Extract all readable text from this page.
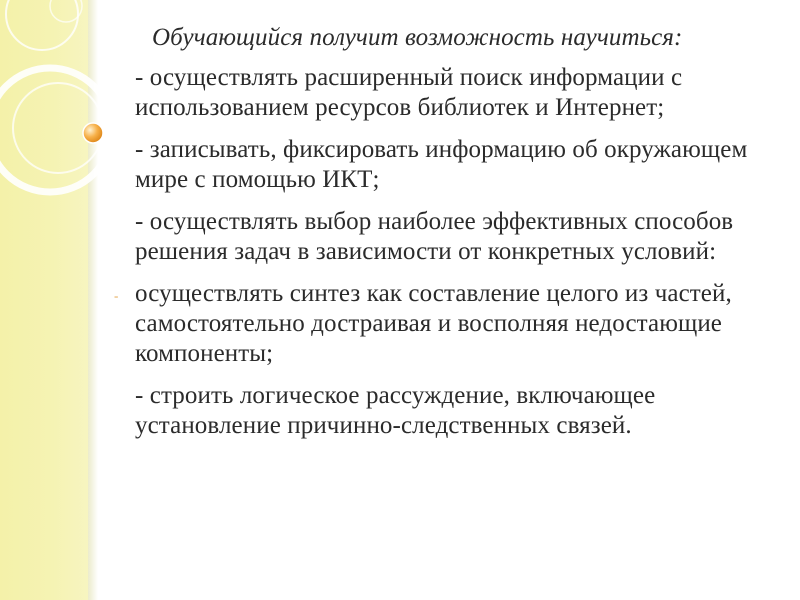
Обучающийся получит возможность научиться:

- осуществлять расширенный поиск информации с использованием ресурсов библиотек и Интернет;

- записывать, фиксировать информацию об окружающем мире с помощью ИКТ;

- осуществлять выбор наиболее эффективных способов решения задач в зависимости от конкретных условий:

- осуществлять синтез как составление целого из частей, самостоятельно достраивая и восполняя недостающие компоненты;

- строить логическое рассуждение, включающее установление причинно-следственных связей.
